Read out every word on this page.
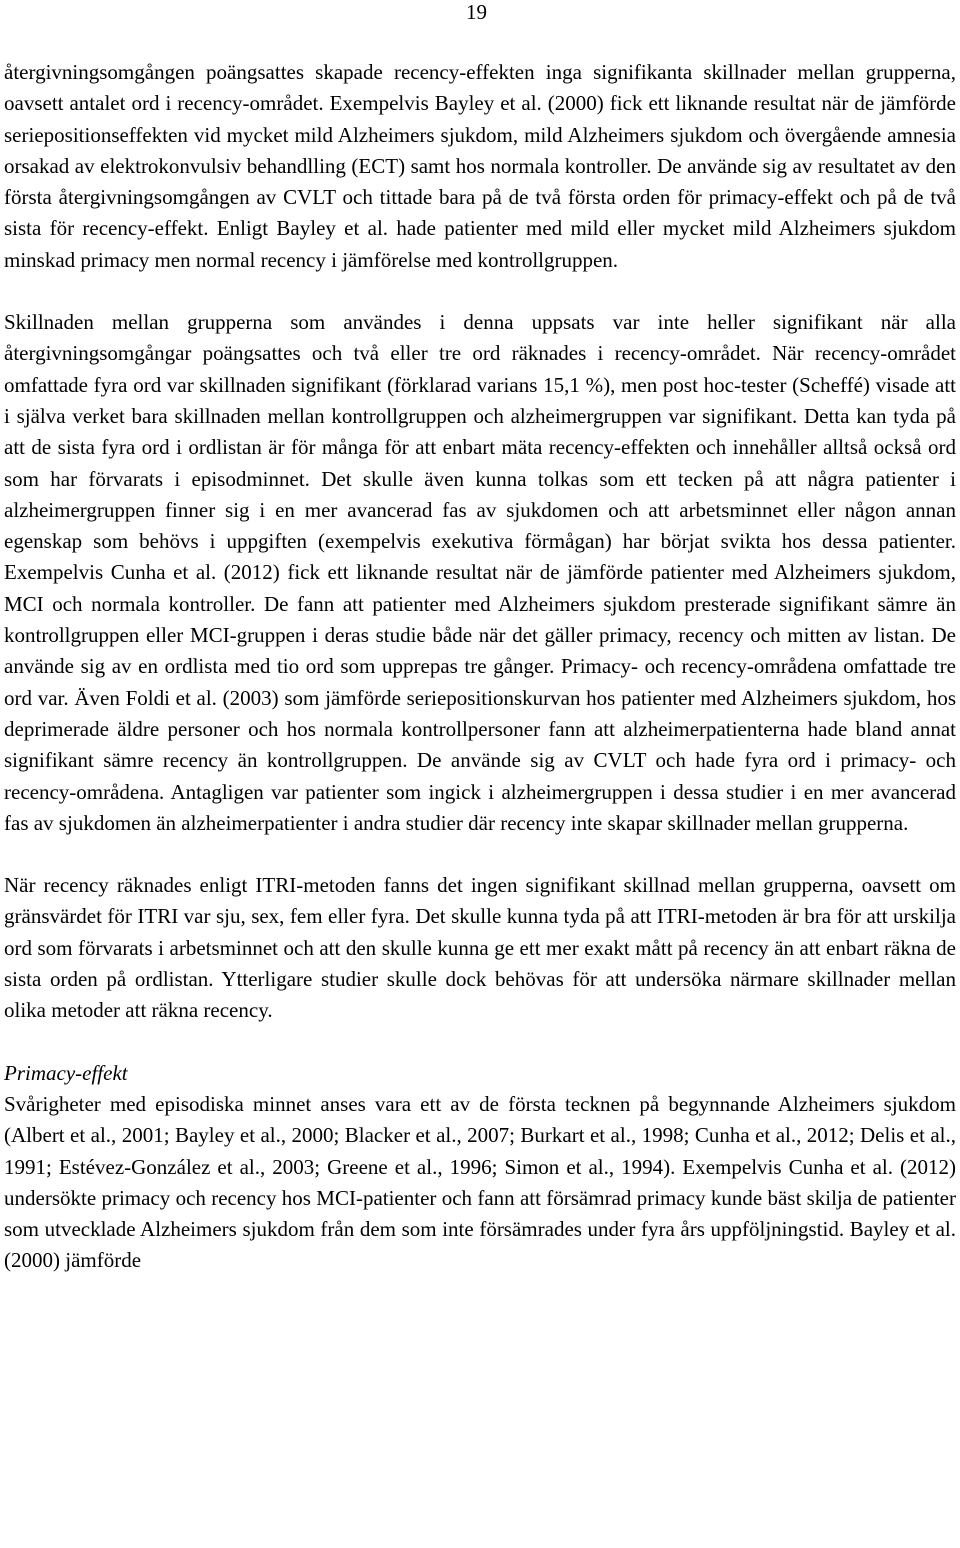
19

återgivningsomgången poängsattes skapade recency-effekten inga signifikanta skillnader mellan grupperna, oavsett antalet ord i recency-området. Exempelvis Bayley et al. (2000) fick ett liknande resultat när de jämförde seriepositionseffekten vid mycket mild Alzheimers sjukdom, mild Alzheimers sjukdom och övergående amnesia orsakad av elektrokonvulsiv behandlling (ECT) samt hos normala kontroller. De använde sig av resultatet av den första återgivningsomgången av CVLT och tittade bara på de två första orden för primacy-effekt och på de två sista för recency-effekt. Enligt Bayley et al. hade patienter med mild eller mycket mild Alzheimers sjukdom minskad primacy men normal recency i jämförelse med kontrollgruppen.

Skillnaden mellan grupperna som användes i denna uppsats var inte heller signifikant när alla återgivningsomgångar poängsattes och två eller tre ord räknades i recency-området. När recency-området omfattade fyra ord var skillnaden signifikant (förklarad varians 15,1 %), men post hoc-tester (Scheffé) visade att i själva verket bara skillnaden mellan kontrollgruppen och alzheimergruppen var signifikant. Detta kan tyda på att de sista fyra ord i ordlistan är för många för att enbart mäta recency-effekten och innehåller alltså också ord som har förvarats i episodminnet. Det skulle även kunna tolkas som ett tecken på att några patienter i alzheimergruppen finner sig i en mer avancerad fas av sjukdomen och att arbetsminnet eller någon annan egenskap som behövs i uppgiften (exempelvis exekutiva förmågan) har börjat svikta hos dessa patienter. Exempelvis Cunha et al. (2012) fick ett liknande resultat när de jämförde patienter med Alzheimers sjukdom, MCI och normala kontroller. De fann att patienter med Alzheimers sjukdom presterade signifikant sämre än kontrollgruppen eller MCI-gruppen i deras studie både när det gäller primacy, recency och mitten av listan. De använde sig av en ordlista med tio ord som upprepas tre gånger. Primacy- och recency-områdena omfattade tre ord var. Även Foldi et al. (2003) som jämförde seriepositionskurvan hos patienter med Alzheimers sjukdom, hos deprimerade äldre personer och hos normala kontrollpersoner fann att alzheimerpatienterna hade bland annat signifikant sämre recency än kontrollgruppen. De använde sig av CVLT och hade fyra ord i primacy- och recency-områdena. Antagligen var patienter som ingick i alzheimergruppen i dessa studier i en mer avancerad fas av sjukdomen än alzheimerpatienter i andra studier där recency inte skapar skillnader mellan grupperna.

När recency räknades enligt ITRI-metoden fanns det ingen signifikant skillnad mellan grupperna, oavsett om gränsvärdet för ITRI var sju, sex, fem eller fyra. Det skulle kunna tyda på att ITRI-metoden är bra för att urskilja ord som förvarats i arbetsminnet och att den skulle kunna ge ett mer exakt mått på recency än att enbart räkna de sista orden på ordlistan. Ytterligare studier skulle dock behövas för att undersöka närmare skillnader mellan olika metoder att räkna recency.

Primacy-effekt

Svårigheter med episodiska minnet anses vara ett av de första tecknen på begynnande Alzheimers sjukdom (Albert et al., 2001; Bayley et al., 2000; Blacker et al., 2007; Burkart et al., 1998; Cunha et al., 2012; Delis et al., 1991; Estévez-González et al., 2003; Greene et al., 1996; Simon et al., 1994). Exempelvis Cunha et al. (2012) undersökte primacy och recency hos MCI-patienter och fann att försämrad primacy kunde bäst skilja de patienter som utvecklade Alzheimers sjukdom från dem som inte försämrades under fyra års uppföljningstid. Bayley et al. (2000) jämförde
